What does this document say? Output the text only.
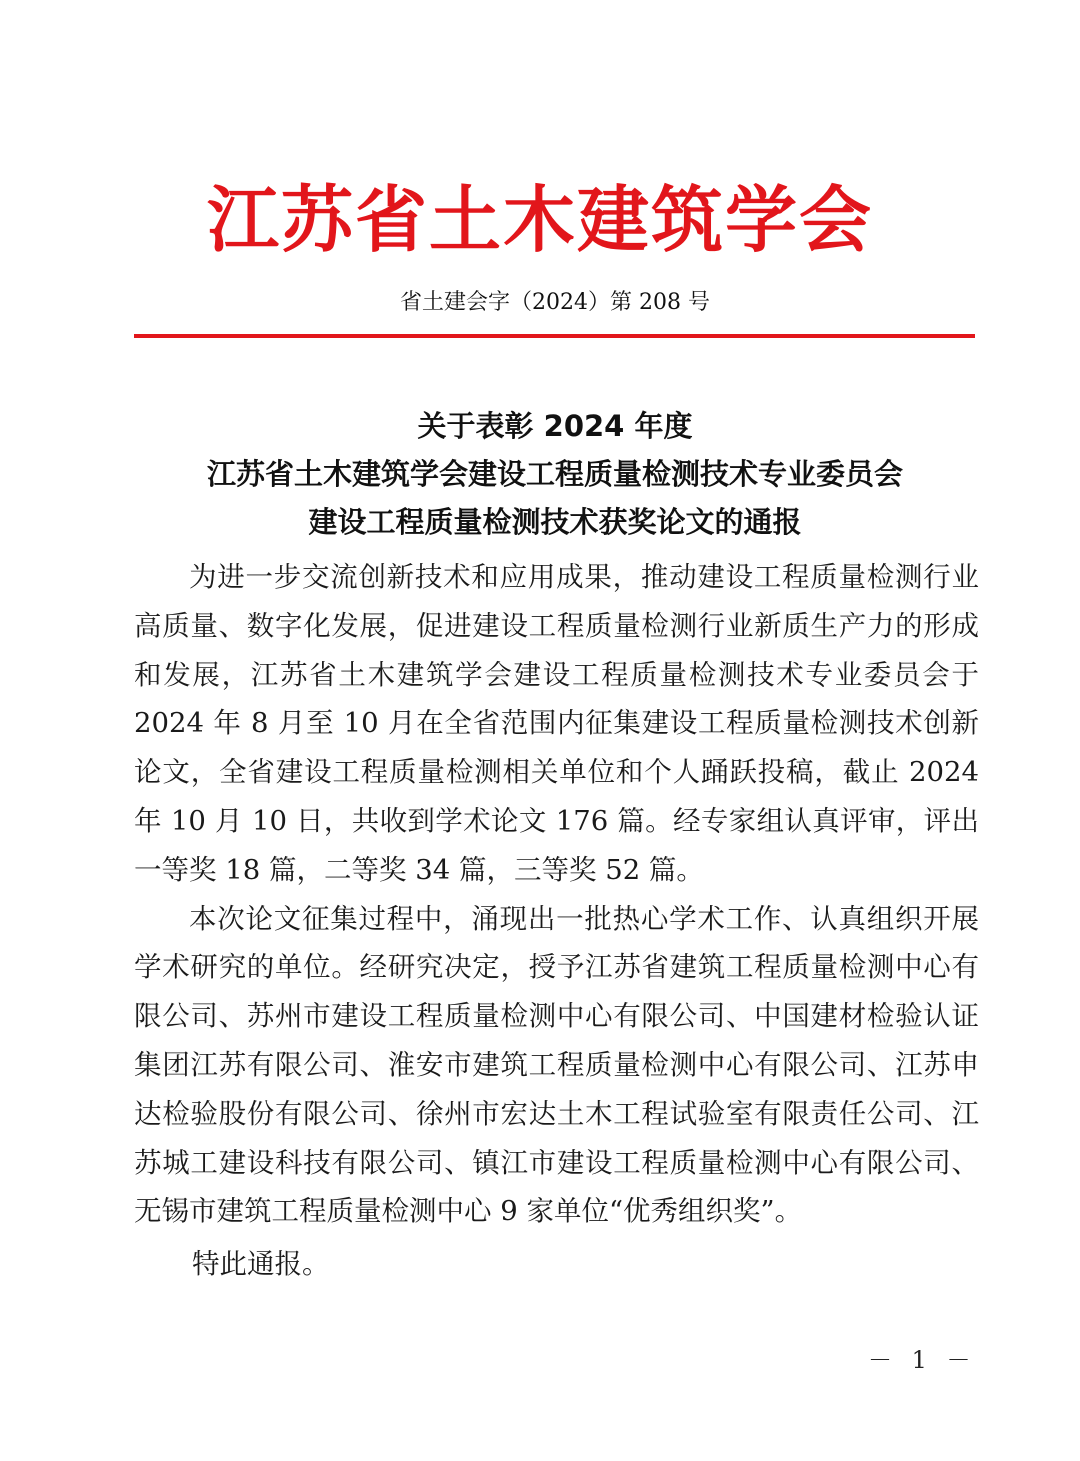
江苏省土木建筑学会
省土建会字（2024）第 208 号
关于表彰 2024 年度
江苏省土木建筑学会建设工程质量检测技术专业委员会
建设工程质量检测技术获奖论文的通报

为进一步交流创新技术和应用成果，推动建设工程质量检测行业高质量、数字化发展，促进建设工程质量检测行业新质生产力的形成和发展，江苏省土木建筑学会建设工程质量检测技术专业委员会于 2024 年 8 月至 10 月在全省范围内征集建设工程质量检测技术创新论文，全省建设工程质量检测相关单位和个人踊跃投稿，截止 2024 年 10 月 10 日，共收到学术论文 176 篇。经专家组认真评审，评出一等奖 18 篇，二等奖 34 篇，三等奖 52 篇。

本次论文征集过程中，涌现出一批热心学术工作、认真组织开展学术研究的单位。经研究决定，授予江苏省建筑工程质量检测中心有限公司、苏州市建设工程质量检测中心有限公司、中国建材检验认证集团江苏有限公司、淮安市建筑工程质量检测中心有限公司、江苏申达检验股份有限公司、徐州市宏达土木工程试验室有限责任公司、江苏城工建设科技有限公司、镇江市建设工程质量检测中心有限公司、无锡市建筑工程质量检测中心 9 家单位“优秀组织奖”。

特此通报。
－ 1 －
